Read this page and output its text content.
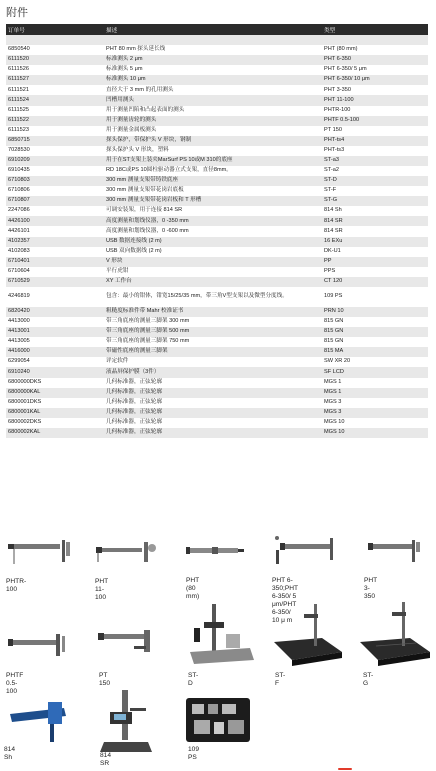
附件
订单号	描述	类型

6850540	PHT 80 mm 探头延长线	PHT (80 mm)
6111520	标准测头 2 μm	PHT 6-350
6111526	标准测头 5 μm	PHT 6-350/ 5 μm
6111527	标准测头 10 μm	PHT 6-350/ 10 μm
6111521	直径大于 3 mm 的孔用测头	PHT 3-350
6111524	凹槽用测头	PHT 11-100
6111525	用于测量凹陷和凸起表面的测头	PHTR-100
6111522	用于测量齿轮的测头	PHTF 0.5-100
6111523	用于测量金属板测头	PT 150
6850715	探头保护，带保护头 V 形块，钢制	PHT-ts4
7028530	探头保护头 V 形块，塑料	PHT-ts3
6910209	用于在ST支架上装夹MarSurf PS 10或M 310的底座	ST-a3
6910435	RD 18C或PS 10圆柱驱动器立式支架，直径8mm。	ST-a2
6710803	300 mm 测量支架带铸铁底座	ST-D
6710806	300 mm 测量支架带花岗岩底板	ST-F
6710807	300 mm 测量支架带花岗岩板和 T 形槽	ST-G
2247086	可调安装架，用于连接 814 SR	814 Sh
4426100	高度测量和划线仪器，0 -350 mm	814 SR
4426101	高度测量和划线仪器，0 -600 mm	814 SR
4102357	USB 数据连接线 (2 m)	16 EXu
4102083	USB 双向数据线 (2 m)	DK-U1
6710401	V 形块	PP
6710604	平行虎钳	PPS
6710529	XY 工作台	CT 120
4246819	包含：最小的钳体，钳宽15/25/35 mm，带三角V型支架以及微型分度线。	109 PS
6820420	粗糙度标准件带 Mahr 校准证书	PRN 10
4413000	带三角底座的测量三脚架 300 mm	815 GN
4413001	带三角底座的测量三脚架 500 mm	815 GN
4413005	带三角底座的测量三脚架 750 mm	815 GN
4416000	带磁性底座的测量三脚架	815 MA
6299054	评定软件	SW XR 20
6910240	液晶屏保护膜（3件）	SF LCD
6800000DKS	几何标准器，正弦轮廓	MGS 1
6800000KAL	几何标准器，正弦轮廓	MGS 1
6800001DKS	几何标准器，正弦轮廓	MGS 3
6800001KAL	几何标准器，正弦轮廓	MGS 3
6800002DKS	几何标准器，正弦轮廓	MGS 10
6800002KAL	几何标准器，正弦轮廓	MGS 10
PHTR-100
PHT 11-100
PHT (80 mm)
PHT 6-350;PHT
6-350/ 5 μm/PHT
6-350/ 10 μ m
PHT 3-350
PHTF 0.5-100
PT 150
ST-D
ST-F
ST-G
814 Sh	814 SR
109 PS
